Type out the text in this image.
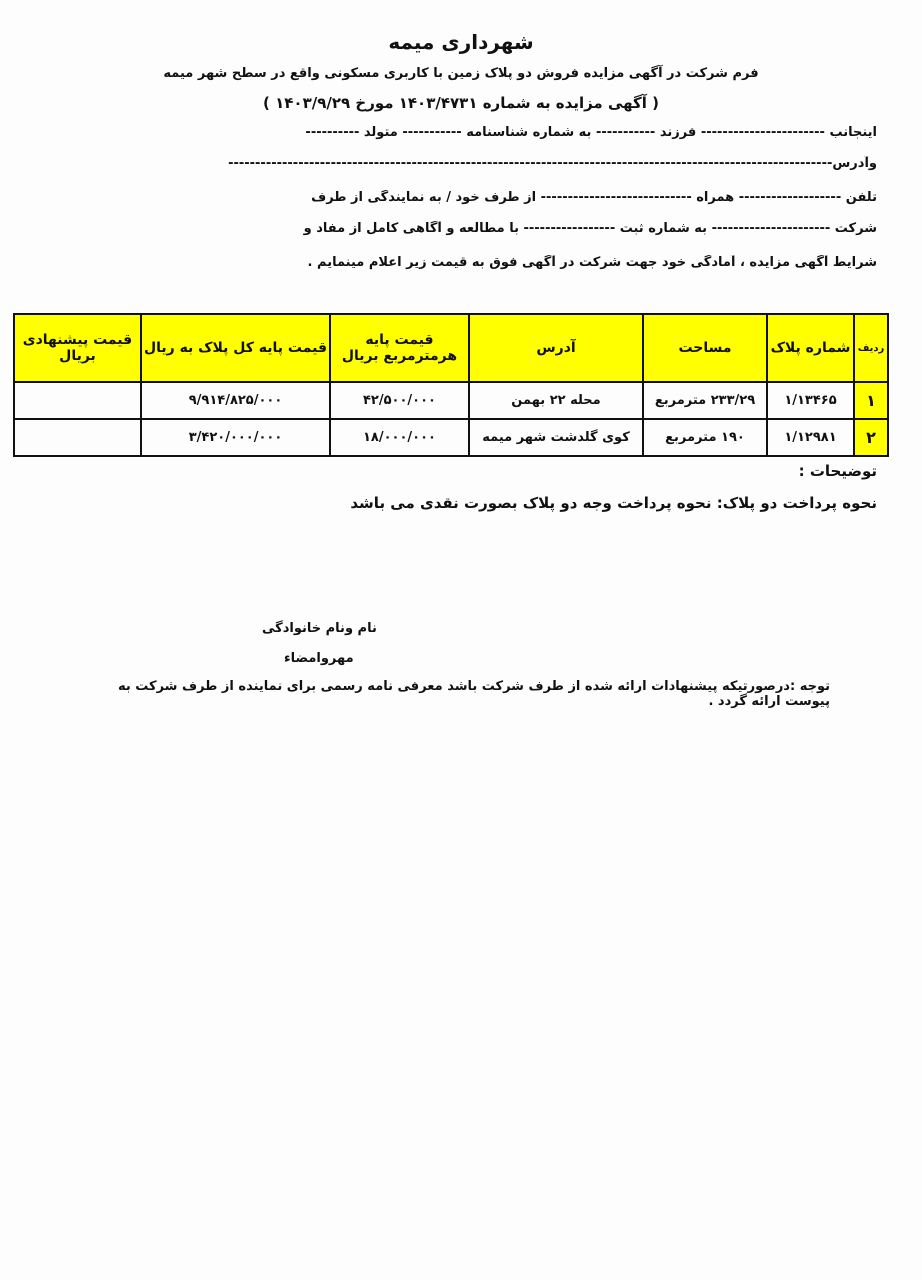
شهرداری میمه
فرم شرکت در آگهی مزایده فروش دو پلاک زمین با کاربری مسکونی واقع در سطح شهر میمه
( آگهی مزایده به شماره ۱۴۰۳/۴۷۳۱ مورخ ۱۴۰۳/۹/۲۹ )
اینجانب ----------------------- فرزند ----------- به شماره شناسنامه ----------- متولد ----------
وآدرس----------------------------------------------------------------------------------------------------------------
تلفن ------------------- همراه ---------------------------- از طرف خود / به نمایندگی از طرف
شرکت ---------------------- به شماره ثبت ----------------- با مطالعه و آگاهی کامل از مفاد و
شرایط آگهی مزایده ، آمادگی خود جهت شرکت در آگهی فوق به قیمت زیر اعلام مینمایم .
ردیف	شماره پلاک	مساحت	آدرس	قیمت پایه هرمترمربع بریال	قیمت پایه کل پلاک به ریال	قیمت پیشنهادی بریال
۱	۱/۱۳۴۶۵	۲۳۳/۲۹ مترمربع	محله ۲۲ بهمن	۴۲/۵۰۰/۰۰۰	۹/۹۱۴/۸۲۵/۰۰۰	
۲	۱/۱۲۹۸۱	۱۹۰ مترمربع	کوی گلدشت شهر میمه	۱۸/۰۰۰/۰۰۰	۳/۴۲۰/۰۰۰/۰۰۰	
توضیحات :
نحوه پرداخت دو پلاک: نحوه پرداخت وجه دو پلاک بصورت نقدی می باشد
نام ونام خانوادگی
مهروامضاء
توجه :درصورتیکه پیشنهادات ارائه شده از طرف شرکت باشد معرفی نامه رسمی برای نماینده از طرف شرکت به پیوست ارائه گردد .
